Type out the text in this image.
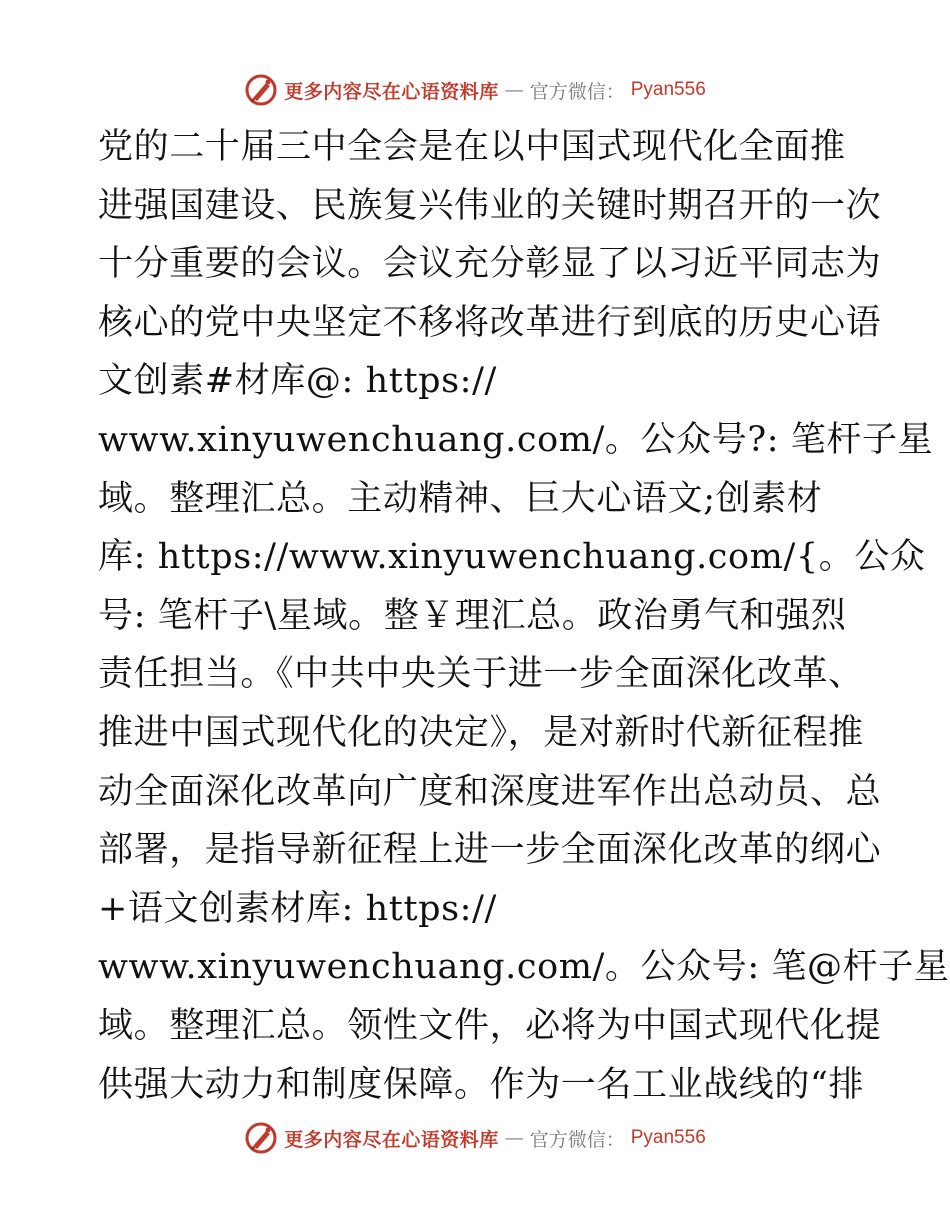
更多内容尽在心语资料库 — 官方微信： Pyan556
党的二十届三中全会是在以中国式现代化全面推
进强国建设、民族复兴伟业的关键时期召开的一次
十分重要的会议。会议充分彰显了以习近平同志为
核心的党中央坚定不移将改革进行到底的历史心语
文创素#材库@: https://
www.xinyuwenchuang.com/。公众号?: 笔杆子星
域。整理汇总。主动精神、巨大心语文;创素材
库: https://www.xinyuwenchuang.com/{。公众
号: 笔杆子\星域。整￥理汇总。政治勇气和强烈
责任担当。《中共中央关于进一步全面深化改革、
推进中国式现代化的决定》，是对新时代新征程推
动全面深化改革向广度和深度进军作出总动员、总
部署，是指导新征程上进一步全面深化改革的纲心
+语文创素材库: https://
www.xinyuwenchuang.com/。公众号: 笔@杆子星
域。整理汇总。领性文件，必将为中国式现代化提
供强大动力和制度保障。作为一名工业战线的“排
更多内容尽在心语资料库 — 官方微信： Pyan556
